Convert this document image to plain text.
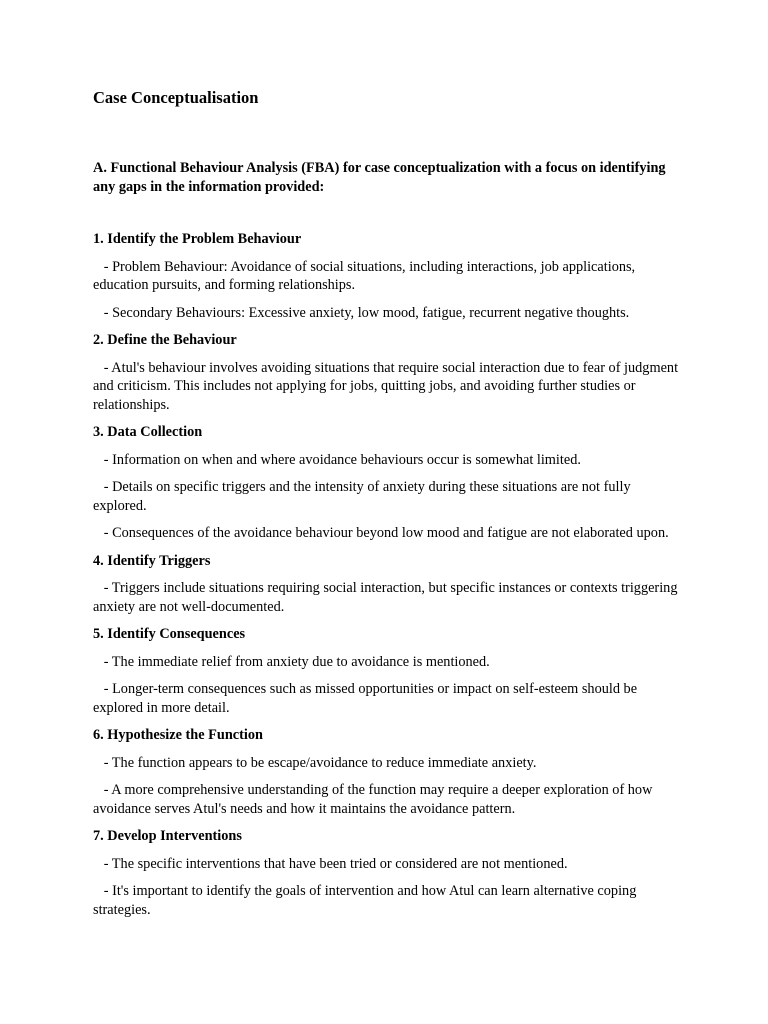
Case Conceptualisation

A. Functional Behaviour Analysis (FBA) for case conceptualization with a focus on identifying any gaps in the information provided:

1. Identify the Problem Behaviour

- Problem Behaviour: Avoidance of social situations, including interactions, job applications, education pursuits, and forming relationships.

- Secondary Behaviours: Excessive anxiety, low mood, fatigue, recurrent negative thoughts.

2. Define the Behaviour

- Atul's behaviour involves avoiding situations that require social interaction due to fear of judgment and criticism. This includes not applying for jobs, quitting jobs, and avoiding further studies or relationships.

3. Data Collection

- Information on when and where avoidance behaviours occur is somewhat limited.

- Details on specific triggers and the intensity of anxiety during these situations are not fully explored.

- Consequences of the avoidance behaviour beyond low mood and fatigue are not elaborated upon.

4. Identify Triggers

- Triggers include situations requiring social interaction, but specific instances or contexts triggering anxiety are not well-documented.

5. Identify Consequences

- The immediate relief from anxiety due to avoidance is mentioned.

- Longer-term consequences such as missed opportunities or impact on self-esteem should be explored in more detail.

6. Hypothesize the Function

- The function appears to be escape/avoidance to reduce immediate anxiety.

- A more comprehensive understanding of the function may require a deeper exploration of how avoidance serves Atul's needs and how it maintains the avoidance pattern.

7. Develop Interventions

- The specific interventions that have been tried or considered are not mentioned.

- It's important to identify the goals of intervention and how Atul can learn alternative coping strategies.
